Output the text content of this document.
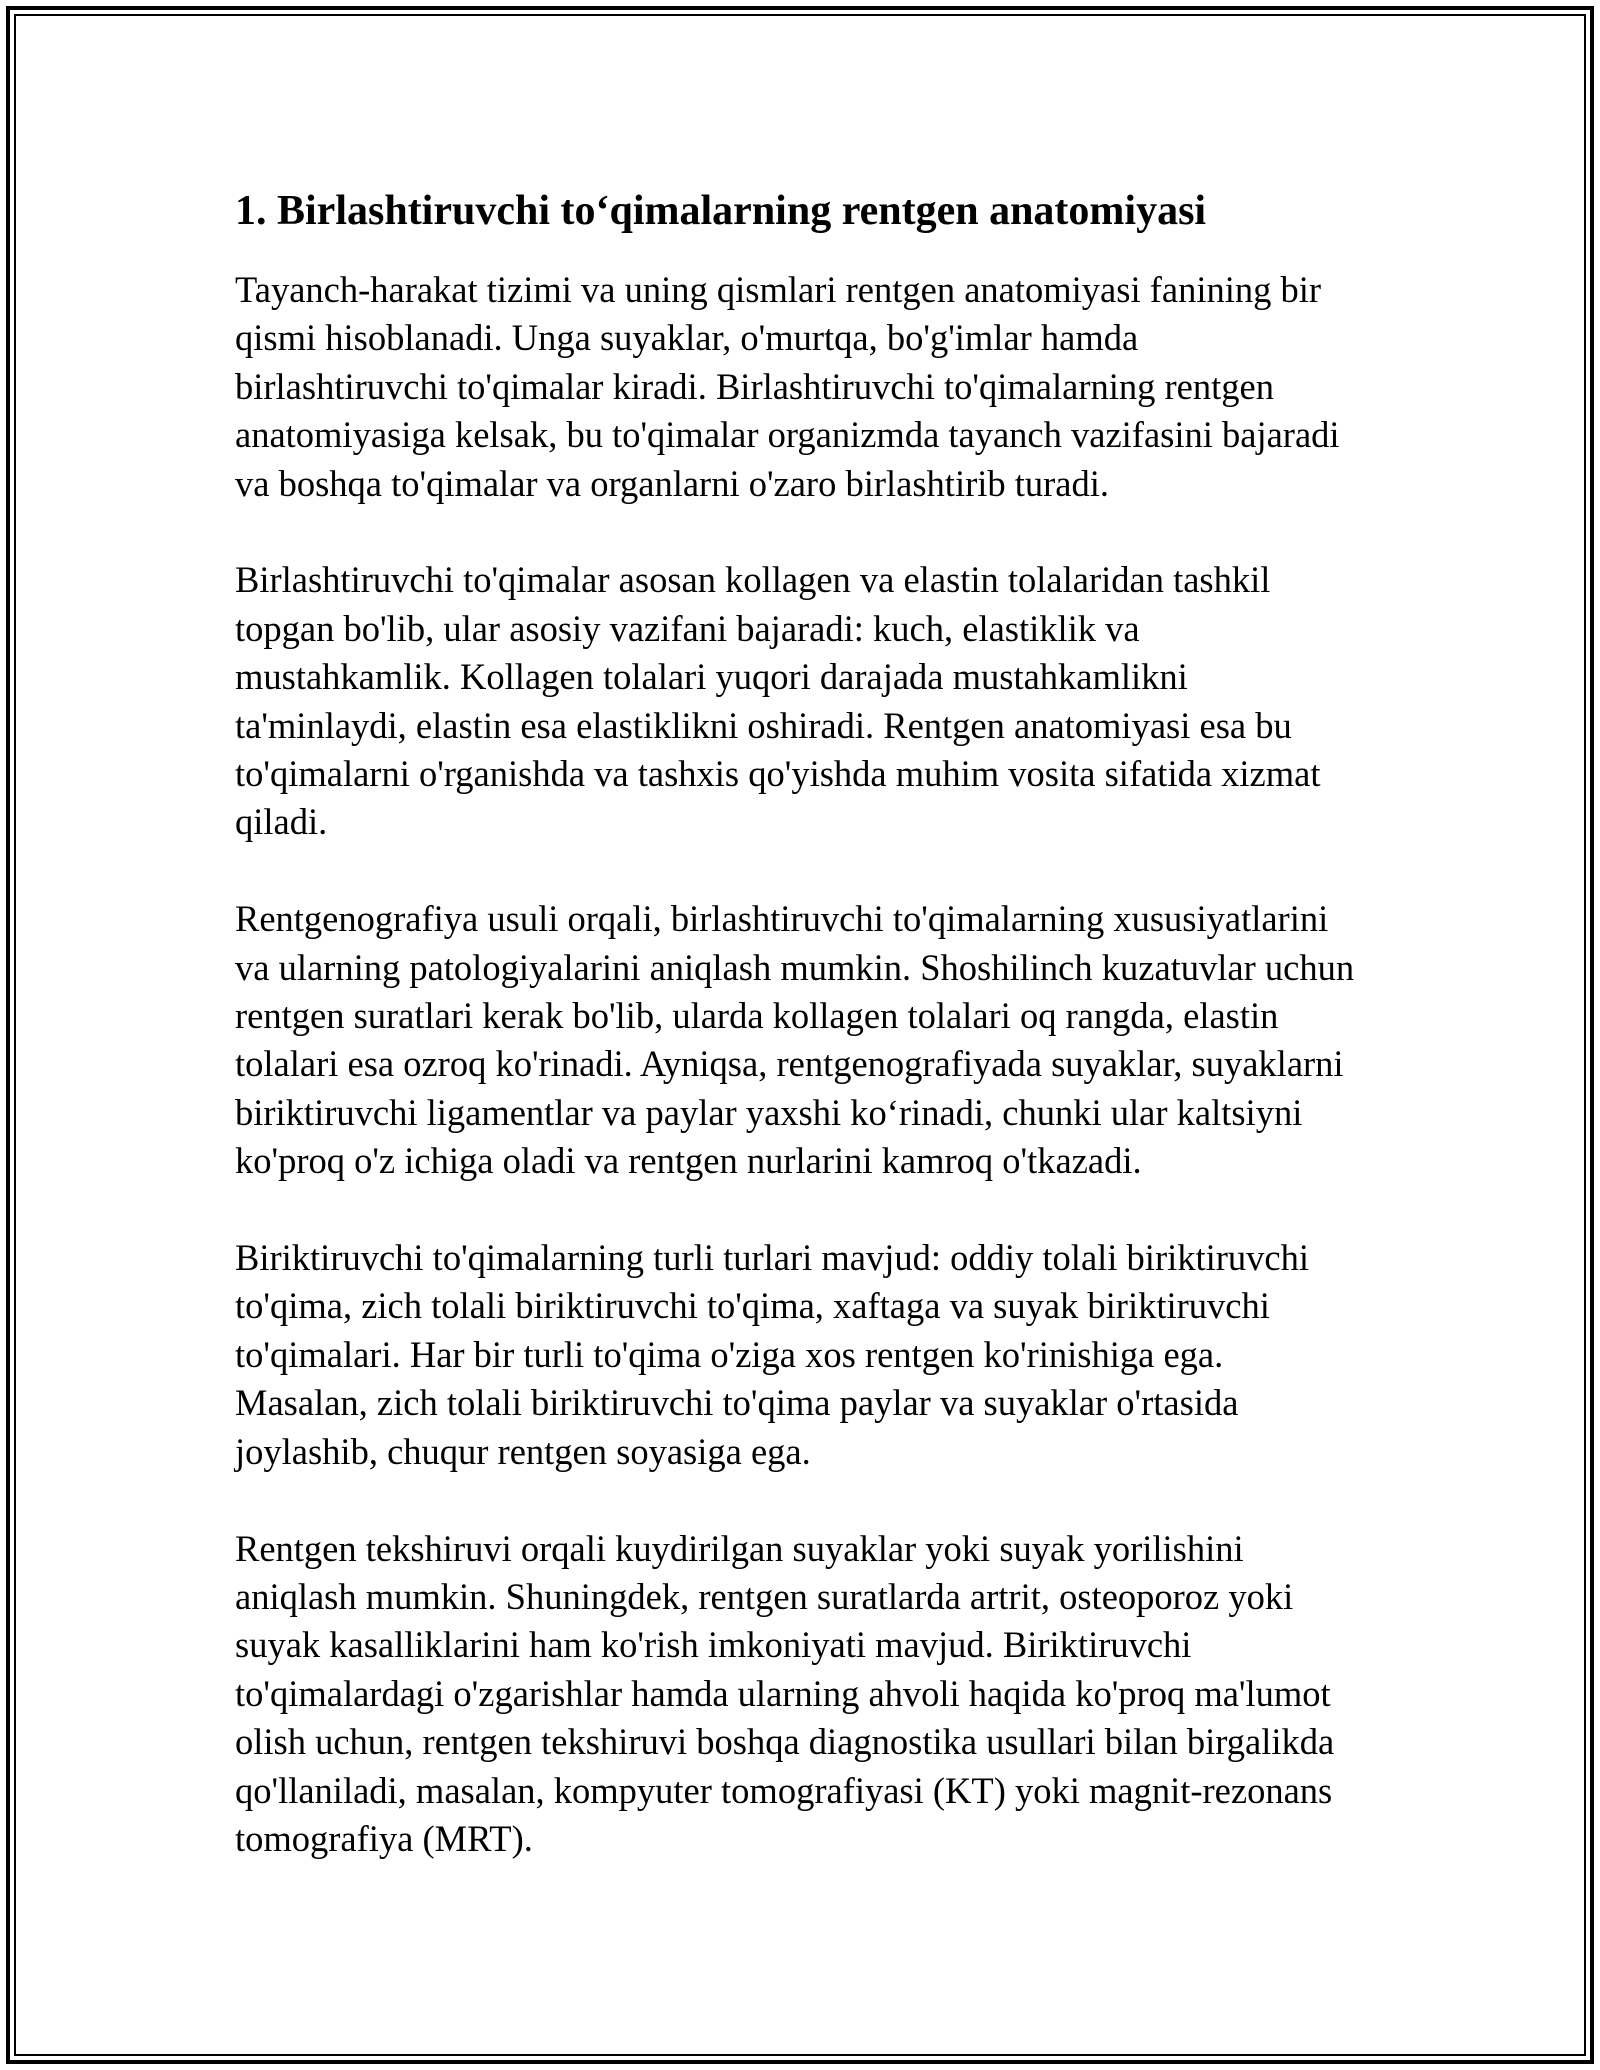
1. Birlashtiruvchi to‘qimalarning rentgen anatomiyasi
Tayanch-harakat tizimi va uning qismlari rentgen anatomiyasi fanining bir
qismi hisoblanadi. Unga suyaklar, o'murtqa, bo'g'imlar hamda
birlashtiruvchi to'qimalar kiradi. Birlashtiruvchi to'qimalarning rentgen
anatomiyasiga kelsak, bu to'qimalar organizmda tayanch vazifasini bajaradi
va boshqa to'qimalar va organlarni o'zaro birlashtirib turadi.
Birlashtiruvchi to'qimalar asosan kollagen va elastin tolalaridan tashkil
topgan bo'lib, ular asosiy vazifani bajaradi: kuch, elastiklik va
mustahkamlik. Kollagen tolalari yuqori darajada mustahkamlikni
ta'minlaydi, elastin esa elastiklikni oshiradi. Rentgen anatomiyasi esa bu
to'qimalarni o'rganishda va tashxis qo'yishda muhim vosita sifatida xizmat
qiladi.
Rentgenografiya usuli orqali, birlashtiruvchi to'qimalarning xususiyatlarini
va ularning patologiyalarini aniqlash mumkin. Shoshilinch kuzatuvlar uchun
rentgen suratlari kerak bo'lib, ularda kollagen tolalari oq rangda, elastin
tolalari esa ozroq ko'rinadi. Ayniqsa, rentgenografiyada suyaklar, suyaklarni
biriktiruvchi ligamentlar va paylar yaxshi ko‘rinadi, chunki ular kaltsiyni
ko'proq o'z ichiga oladi va rentgen nurlarini kamroq o'tkazadi.
Biriktiruvchi to'qimalarning turli turlari mavjud: oddiy tolali biriktiruvchi
to'qima, zich tolali biriktiruvchi to'qima, xaftaga va suyak biriktiruvchi
to'qimalari. Har bir turli to'qima o'ziga xos rentgen ko'rinishiga ega.
Masalan, zich tolali biriktiruvchi to'qima paylar va suyaklar o'rtasida
joylashib, chuqur rentgen soyasiga ega.
Rentgen tekshiruvi orqali kuydirilgan suyaklar yoki suyak yorilishini
aniqlash mumkin. Shuningdek, rentgen suratlarda artrit, osteoporoz yoki
suyak kasalliklarini ham ko'rish imkoniyati mavjud. Biriktiruvchi
to'qimalardagi o'zgarishlar hamda ularning ahvoli haqida ko'proq ma'lumot
olish uchun, rentgen tekshiruvi boshqa diagnostika usullari bilan birgalikda
qo'llaniladi, masalan, kompyuter tomografiyasi (KT) yoki magnit-rezonans
tomografiya (MRT).
